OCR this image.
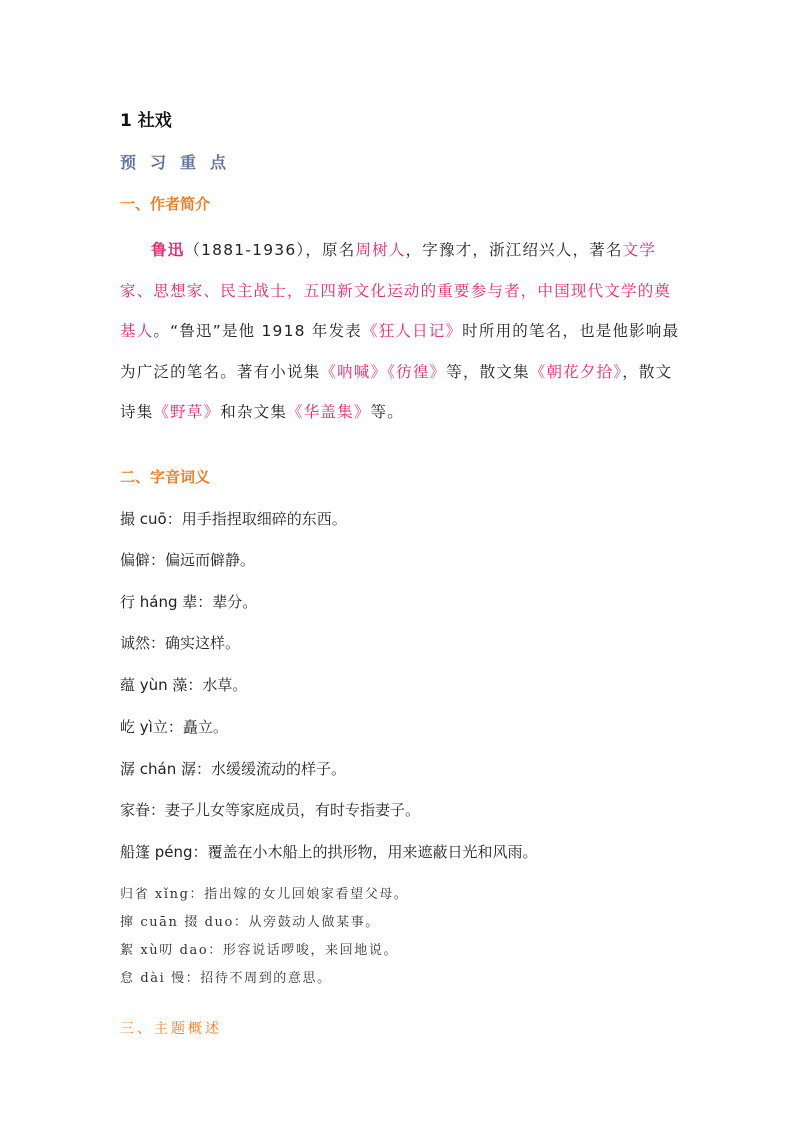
1 社戏
预习重点
一、作者简介
鲁迅（1881-1936），原名周树人，字豫才，浙江绍兴人，著名文学家、思想家、民主战士，五四新文化运动的重要参与者，中国现代文学的奠基人。“鲁迅”是他 1918 年发表《狂人日记》时所用的笔名，也是他影响最为广泛的笔名。著有小说集《呐喊》《彷徨》等，散文集《朝花夕拾》，散文诗集《野草》和杂文集《华盖集》等。
二、字音词义
撮 cuō：用手指捏取细碎的东西。
偏僻：偏远而僻静。
行 háng 辈：辈分。
诚然：确实这样。
蕴 yùn 藻：水草。
屹 yì立：矗立。
潺 chán 潺：水缓缓流动的样子。
家眷：妻子儿女等家庭成员，有时专指妻子。
船篷 péng：覆盖在小木船上的拱形物，用来遮蔽日光和风雨。
归省 xǐng：指出嫁的女儿回娘家看望父母。
撺 cuān 掇 duo：从旁鼓动人做某事。
絮 xù叨 dao：形容说话啰唆，来回地说。
怠 dài 慢：招待不周到的意思。
三、主题概述
